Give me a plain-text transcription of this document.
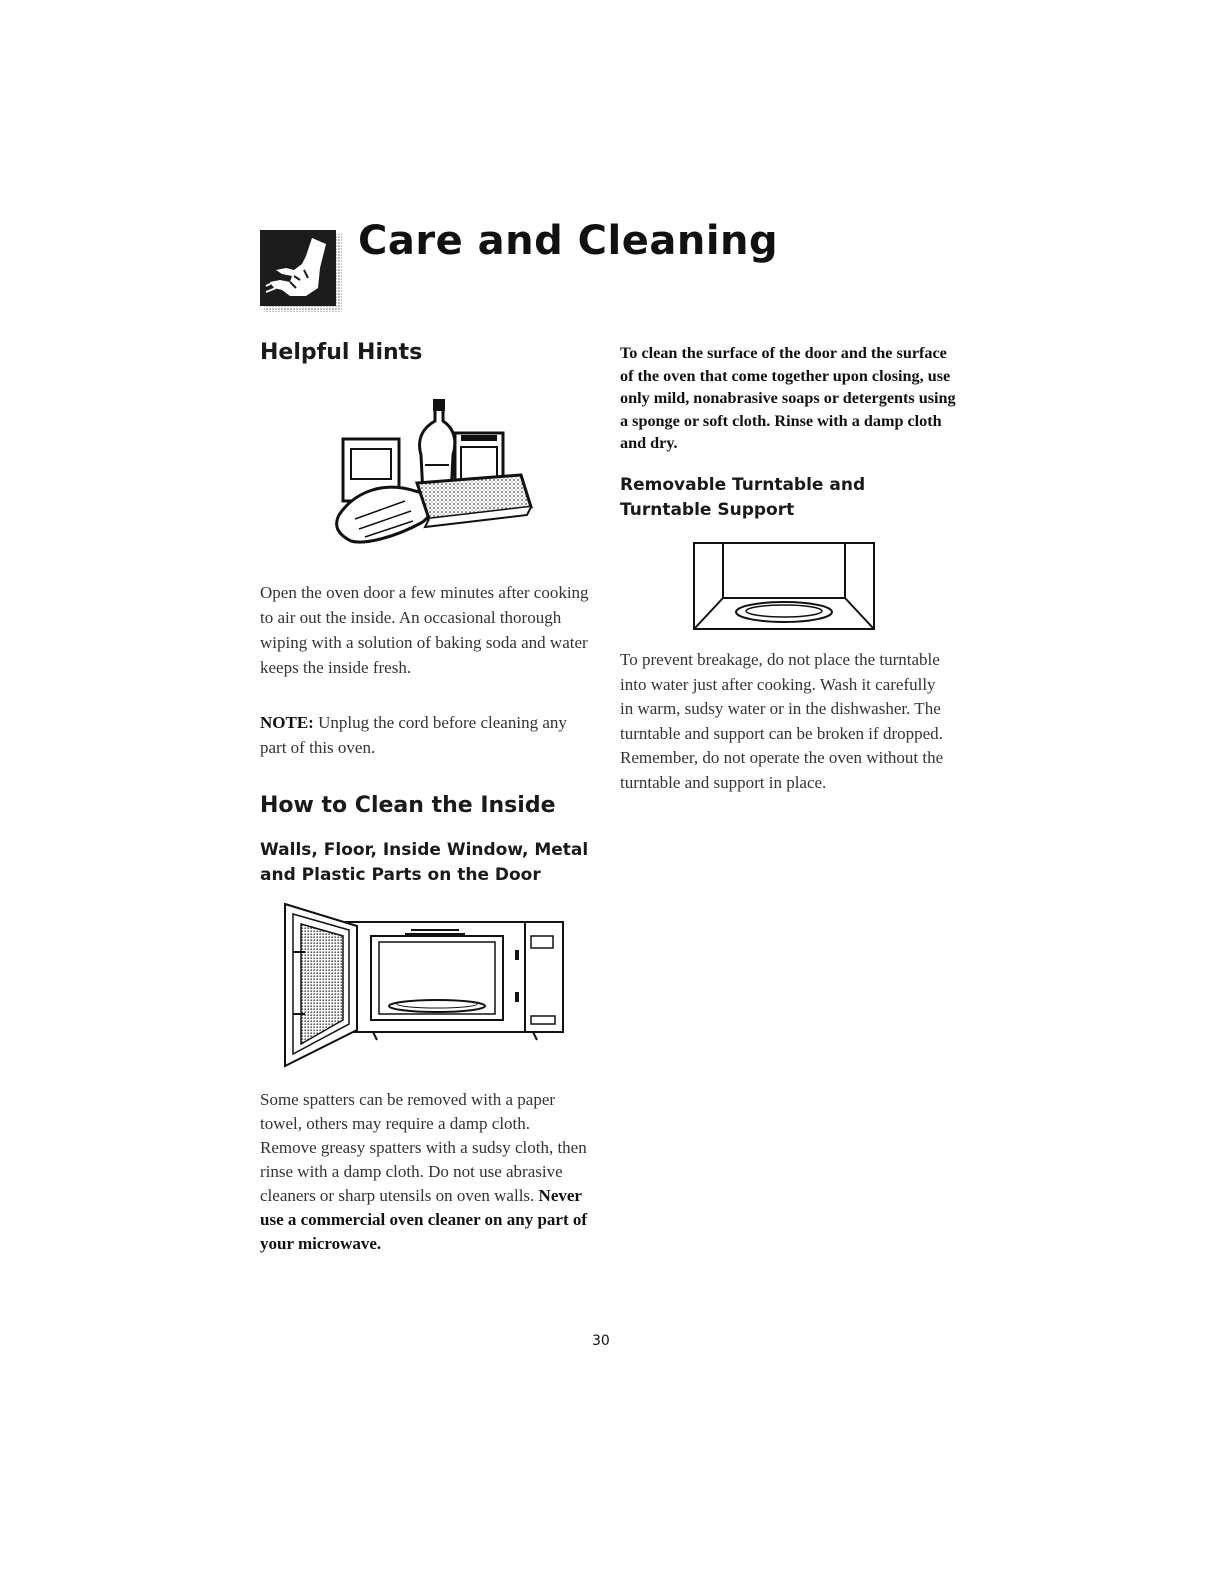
Care and Cleaning
Helpful Hints
Open the oven door a few minutes after cooking to air out the inside. An occasional thorough wiping with a solution of baking soda and water keeps the inside fresh.
NOTE: Unplug the cord before cleaning any part of this oven.
How to Clean the Inside
Walls, Floor, Inside Window, Metal and Plastic Parts on the Door
Some spatters can be removed with a paper towel, others may require a damp cloth. Remove greasy spatters with a sudsy cloth, then rinse with a damp cloth. Do not use abrasive cleaners or sharp utensils on oven walls. Never use a commercial oven cleaner on any part of your microwave.
To clean the surface of the door and the surface of the oven that come together upon closing, use only mild, nonabrasive soaps or detergents using a sponge or soft cloth. Rinse with a damp cloth and dry.
Removable Turntable and Turntable Support
To prevent breakage, do not place the turntable into water just after cooking. Wash it carefully in warm, sudsy water or in the dishwasher. The turntable and support can be broken if dropped. Remember, do not operate the oven without the turntable and support in place.
30
